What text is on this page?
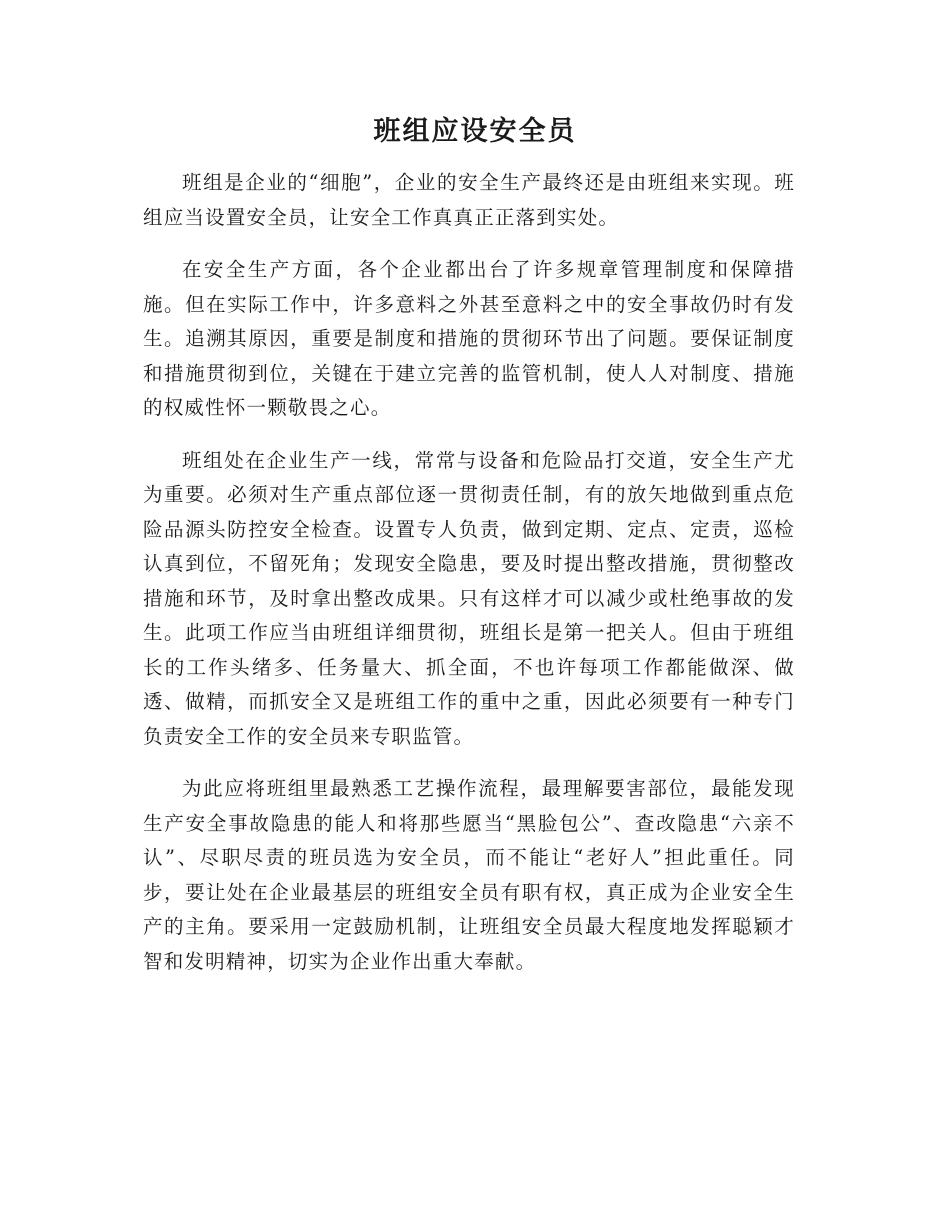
班组应设安全员

班组是企业的“细胞”，企业的安全生产最终还是由班组来实现。班组应当设置安全员，让安全工作真真正正落到实处。

在安全生产方面，各个企业都出台了许多规章管理制度和保障措施。但在实际工作中，许多意料之外甚至意料之中的安全事故仍时有发生。追溯其原因，重要是制度和措施的贯彻环节出了问题。要保证制度和措施贯彻到位，关键在于建立完善的监管机制，使人人对制度、措施的权威性怀一颗敬畏之心。

班组处在企业生产一线，常常与设备和危险品打交道，安全生产尤为重要。必须对生产重点部位逐一贯彻责任制，有的放矢地做到重点危险品源头防控安全检查。设置专人负责，做到定期、定点、定责，巡检认真到位，不留死角；发现安全隐患，要及时提出整改措施，贯彻整改措施和环节，及时拿出整改成果。只有这样才可以减少或杜绝事故的发生。此项工作应当由班组详细贯彻，班组长是第一把关人。但由于班组长的工作头绪多、任务量大、抓全面，不也许每项工作都能做深、做透、做精，而抓安全又是班组工作的重中之重，因此必须要有一种专门负责安全工作的安全员来专职监管。

为此应将班组里最熟悉工艺操作流程，最理解要害部位，最能发现生产安全事故隐患的能人和将那些愿当“黑脸包公”、查改隐患“六亲不认”、尽职尽责的班员选为安全员，而不能让“老好人”担此重任。同步，要让处在企业最基层的班组安全员有职有权，真正成为企业安全生产的主角。要采用一定鼓励机制，让班组安全员最大程度地发挥聪颖才智和发明精神，切实为企业作出重大奉献。
